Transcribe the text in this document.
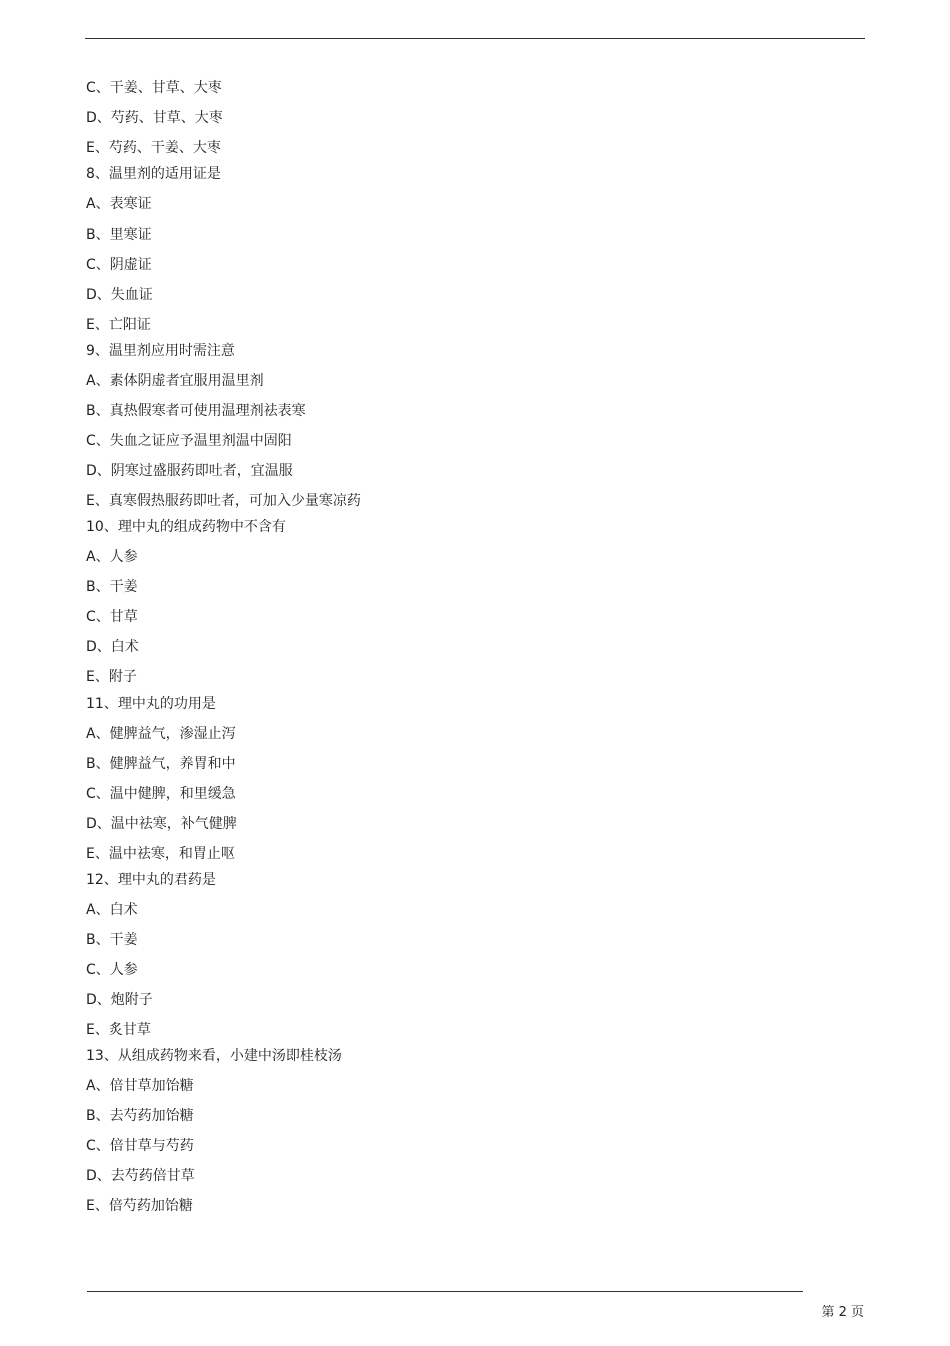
C、干姜、甘草、大枣
D、芍药、甘草、大枣
E、芍药、干姜、大枣
8、温里剂的适用证是
A、表寒证
B、里寒证
C、阴虚证
D、失血证
E、亡阳证
9、温里剂应用时需注意
A、素体阴虚者宜服用温里剂
B、真热假寒者可使用温理剂祛表寒
C、失血之证应予温里剂温中固阳
D、阴寒过盛服药即吐者，宜温服
E、真寒假热服药即吐者，可加入少量寒凉药
10、理中丸的组成药物中不含有
A、人参
B、干姜
C、甘草
D、白术
E、附子
11、理中丸的功用是
A、健脾益气，渗湿止泻
B、健脾益气，养胃和中
C、温中健脾，和里缓急
D、温中祛寒，补气健脾
E、温中祛寒，和胃止呕
12、理中丸的君药是
A、白术
B、干姜
C、人参
D、炮附子
E、炙甘草
13、从组成药物来看，小建中汤即桂枝汤
A、倍甘草加饴糖
B、去芍药加饴糖
C、倍甘草与芍药
D、去芍药倍甘草
E、倍芍药加饴糖
第 2 页
